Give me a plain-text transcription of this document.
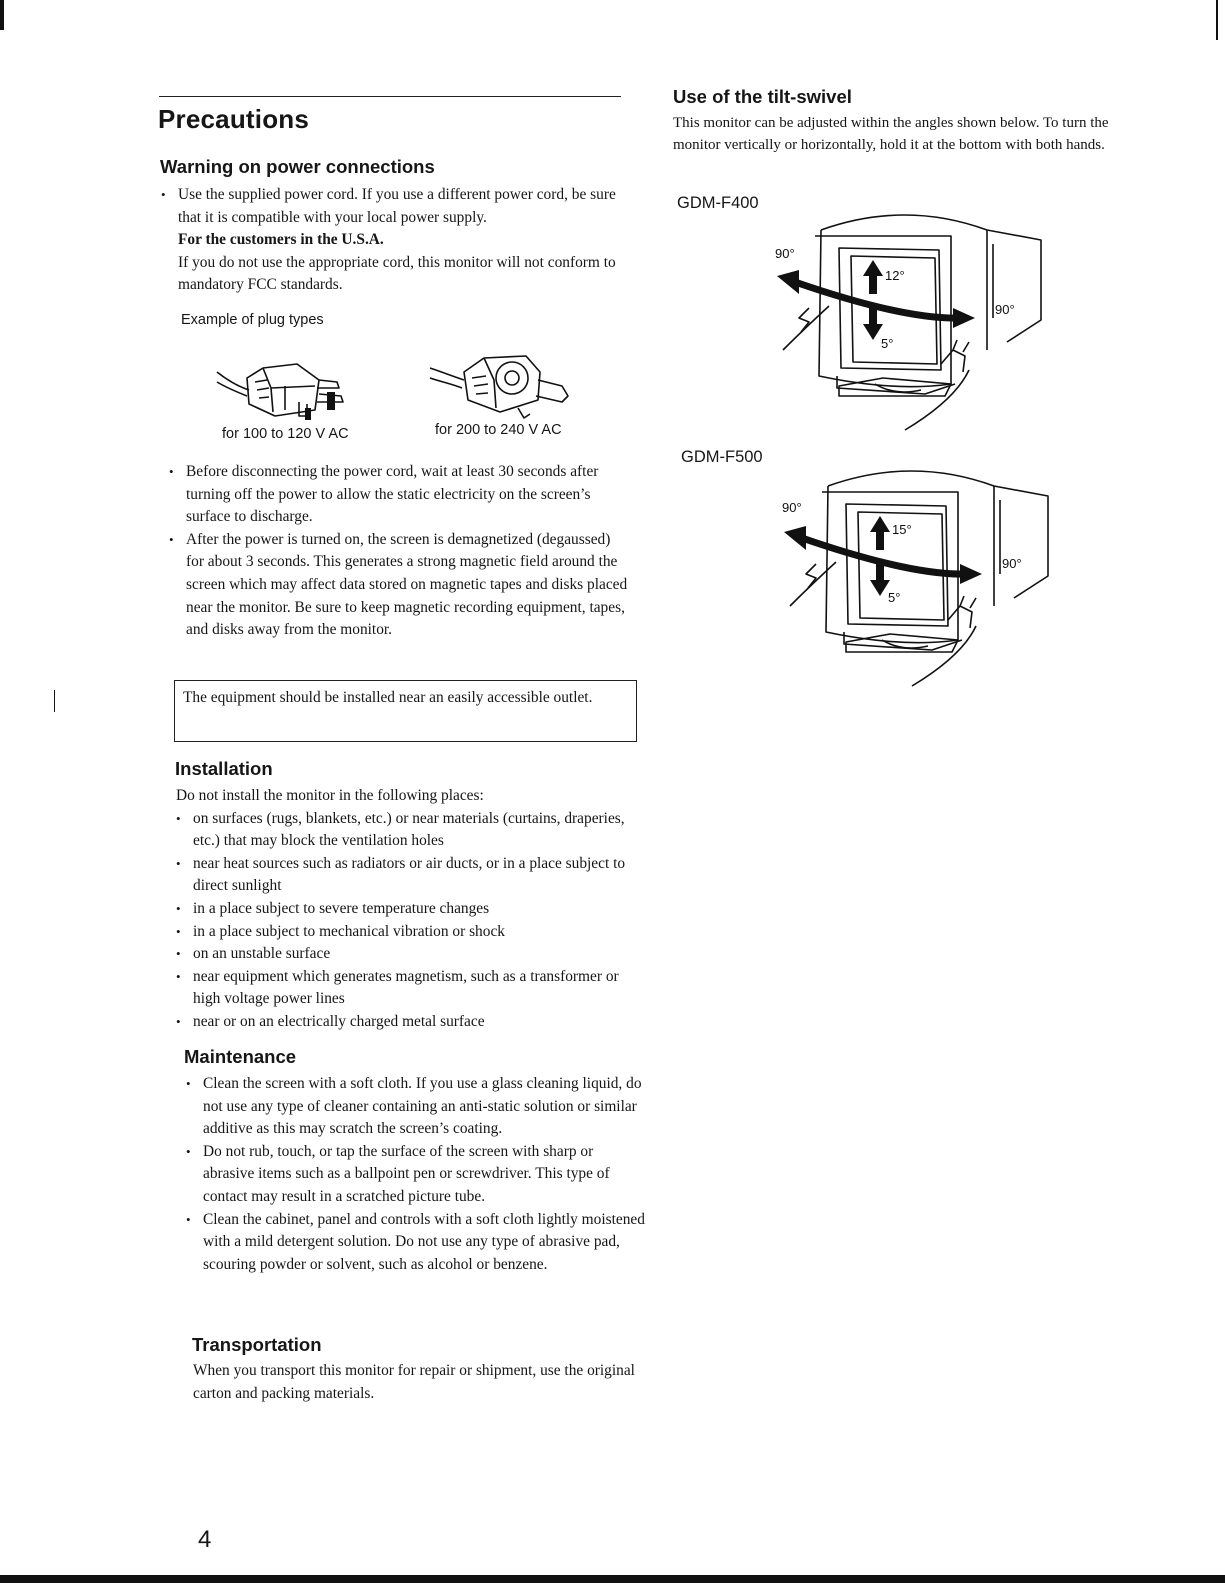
Precautions
Warning on power connections
• Use the supplied power cord. If you use a different power cord, be sure that it is compatible with your local power supply.
For the customers in the U.S.A.
If you do not use the appropriate cord, this monitor will not conform to mandatory FCC standards.
Example of plug types
for 100 to 120 V AC	for 200 to 240 V AC
• Before disconnecting the power cord, wait at least 30 seconds after turning off the power to allow the static electricity on the screen’s surface to discharge.
• After the power is turned on, the screen is demagnetized (degaussed) for about 3 seconds. This generates a strong magnetic field around the screen which may affect data stored on magnetic tapes and disks placed near the monitor. Be sure to keep magnetic recording equipment, tapes, and disks away from the monitor.
The equipment should be installed near an easily accessible outlet.
Installation
Do not install the monitor in the following places:
• on surfaces (rugs, blankets, etc.) or near materials (curtains, draperies, etc.) that may block the ventilation holes
• near heat sources such as radiators or air ducts, or in a place subject to direct sunlight
• in a place subject to severe temperature changes
• in a place subject to mechanical vibration or shock
• on an unstable surface
• near equipment which generates magnetism, such as a transformer or high voltage power lines
• near or on an electrically charged metal surface
Maintenance
• Clean the screen with a soft cloth. If you use a glass cleaning liquid, do not use any type of cleaner containing an anti-static solution or similar additive as this may scratch the screen’s coating.
• Do not rub, touch, or tap the surface of the screen with sharp or abrasive items such as a ballpoint pen or screwdriver. This type of contact may result in a scratched picture tube.
• Clean the cabinet, panel and controls with a soft cloth lightly moistened with a mild detergent solution. Do not use any type of abrasive pad, scouring powder or solvent, such as alcohol or benzene.
Transportation
When you transport this monitor for repair or shipment, use the original carton and packing materials.
4
Use of the tilt-swivel
This monitor can be adjusted within the angles shown below. To turn the monitor vertically or horizontally, hold it at the bottom with both hands.
GDM-F400
90°
12°
5°
90°
GDM-F500
90°
15°
5°
90°
